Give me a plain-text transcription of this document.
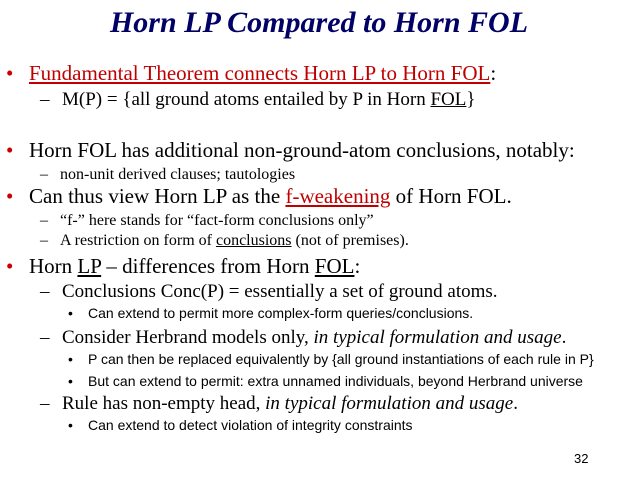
Horn LP Compared to Horn FOL
• Fundamental Theorem connects Horn LP to Horn FOL:
– M(P) = {all ground atoms entailed by P in Horn FOL}
• Horn FOL has additional non-ground-atom conclusions, notably:
– non-unit derived clauses; tautologies
• Can thus view Horn LP as the f-weakening of Horn FOL.
– “f-” here stands for “fact-form conclusions only”
– A restriction on form of conclusions (not of premises).
• Horn LP – differences from Horn FOL:
– Conclusions Conc(P) = essentially a set of ground atoms.
• Can extend to permit more complex-form queries/conclusions.
– Consider Herbrand models only, in typical formulation and usage.
• P can then be replaced equivalently by {all ground instantiations of each rule in P}
• But can extend to permit: extra unnamed individuals, beyond Herbrand universe
– Rule has non-empty head, in typical formulation and usage.
• Can extend to detect violation of integrity constraints
32
